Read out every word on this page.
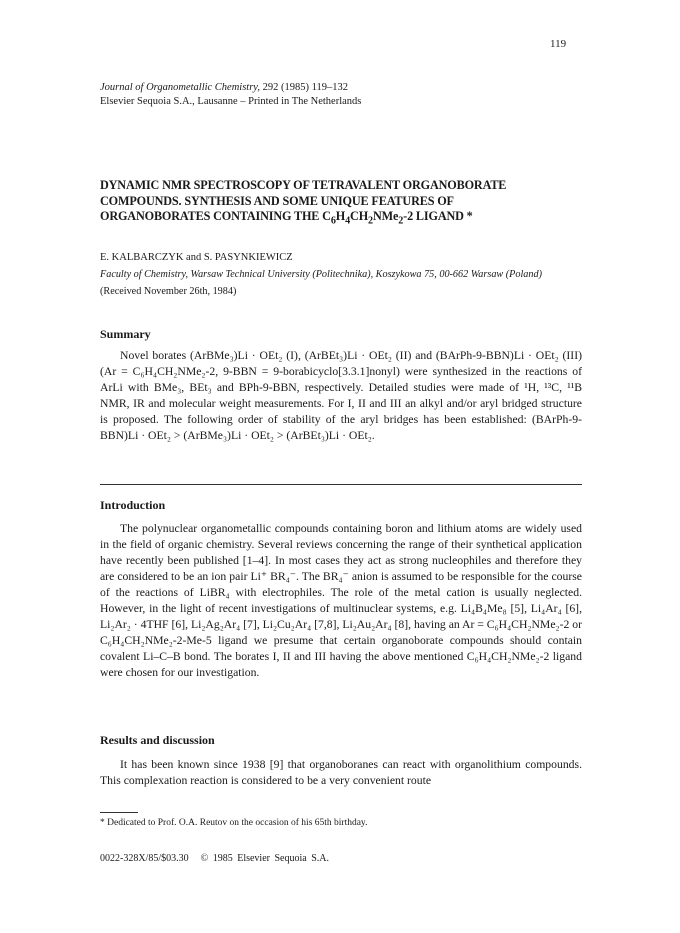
119
Journal of Organometallic Chemistry, 292 (1985) 119–132
Elsevier Sequoia S.A., Lausanne – Printed in The Netherlands
DYNAMIC NMR SPECTROSCOPY OF TETRAVALENT ORGANOBORATE
COMPOUNDS. SYNTHESIS AND SOME UNIQUE FEATURES OF
ORGANOBORATES CONTAINING THE $C_6H_4CH_2NMe_2-2$ LIGAND *
E. KALBARCZYK and S. PASYNKIEWICZ
Faculty of Chemistry, Warsaw Technical University (Politechnika), Koszykowa 75, 00-662 Warsaw (Poland)
(Received November 26th, 1984)
Summary
Novel borates (ArBMe₃)Li · OEt₂ (I), (ArBEt₃)Li · OEt₂ (II) and (BArPh-9-BBN)Li · OEt₂ (III) (Ar = C₆H₄CH₂NMe₂-2, 9-BBN = 9-borabicyclo[3.3.1]nonyl) were synthesized in the reactions of ArLi with BMe₃, BEt₃ and BPh-9-BBN, respectively. Detailed studies were made of ¹H, ¹³C, ¹¹B NMR, IR and molecular weight measurements. For I, II and III an alkyl and/or aryl bridged structure is proposed. The following order of stability of the aryl bridges has been established: (BArPh-9-BBN)Li · OEt₂ > (ArBMe₃)Li · OEt₂ > (ArBEt₃)Li · OEt₂.
Introduction
The polynuclear organometallic compounds containing boron and lithium atoms are widely used in the field of organic chemistry. Several reviews concerning the range of their synthetical application have recently been published [1–4]. In most cases they act as strong nucleophiles and therefore they are considered to be an ion pair Li⁺ BR₄⁻. The BR₄⁻ anion is assumed to be responsible for the course of the reactions of LiBR₄ with electrophiles. The role of the metal cation is usually neglected. However, in the light of recent investigations of multinuclear systems, e.g. Li₄B₄Me₈ [5], Li₄Ar₄ [6], Li₂Ar₂ · 4THF [6], Li₂Ag₂Ar₄ [7], Li₂Cu₂Ar₄ [7,8], Li₂Au₂Ar₄ [8], having an Ar = C₆H₄CH₂NMe₂-2 or C₆H₄CH₂NMe₂-2-Me-5 ligand we presume that certain organoborate compounds should contain covalent Li–C–B bond. The borates I, II and III having the above mentioned C₆H₄CH₂NMe₂-2 ligand were chosen for our investigation.
Results and discussion
It has been known since 1938 [9] that organoboranes can react with organolithium compounds. This complexation reaction is considered to be a very convenient route
* Dedicated to Prof. O.A. Reutov on the occasion of his 65th birthday.
0022-328X/85/$03.30 © 1985 Elsevier Sequoia S.A.
